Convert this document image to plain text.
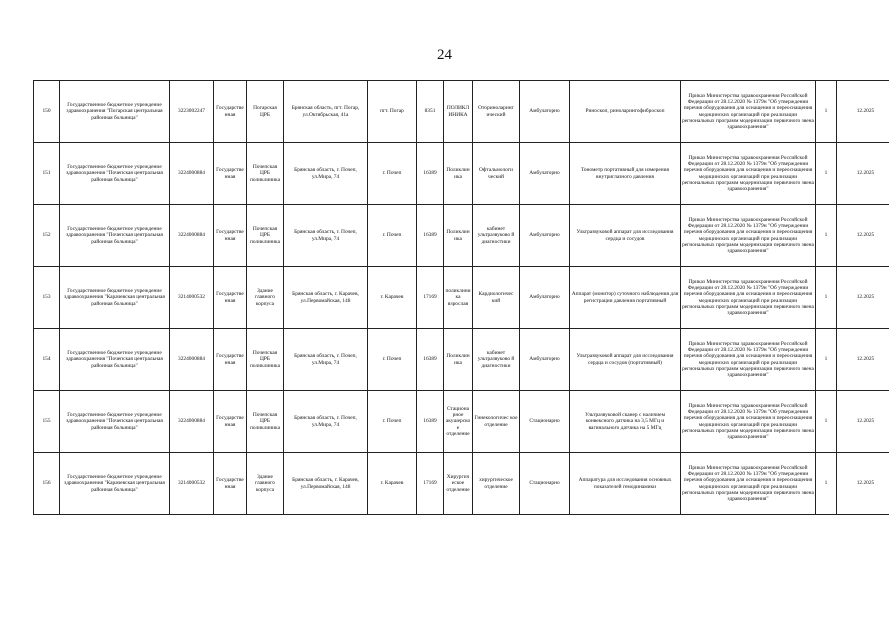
24
150	Государственное бюджетное учреждение здравоохранения "Погарская центральная районная больница"	3223002247	Государстве нная	Погарская ЦРБ	Брянская область, пгт. Погар, ул.Октябрьская, 41а	пгт. Погар	8351	ПОЛИКЛ ИНИКА	Оториноларинг ический	Амбулаторно	Риноскоп, риноларингофиброскоп	Приказ Министерства здравоохранения Российской Федерации от 28.12.2020 № 1379н "Об утверждении перечня оборудования для оснащения и переоснащения медицинских организаций при реализации региональных программ модернизации первичного звена здравоохранения"	1	12.2025
151	Государственное бюджетное учреждение здравоохранения "Почепская центральная районная больница"	3224000884	Государстве нная	Почепская ЦРБ поликлиника	Брянская область, г. Почеп, ул.Мира, 74	г. Почеп	16389	Поликлин ика	Офтальмологи ческий	Амбулаторно	Тонометр портативный для измерения внутриглазного давления	Приказ Министерства здравоохранения Российской Федерации от 28.12.2020 № 1379н "Об утверждении перечня оборудования для оснащения и переоснащения медицинских организаций при реализации региональных программ модернизации первичного звена здравоохранения"	1	12.2025
152	Государственное бюджетное учреждение здравоохранения "Почепская центральная районная больница"	3224000884	Государстве нная	Почепская ЦРБ поликлиника	Брянская область, г. Почеп, ул.Мира, 74	г. Почеп	16389	Поликлин ика	кабинет ультразвуково й диагностики	Амбулаторно	Ультразвуковой аппарат для исследования сердца и сосудов	Приказ Министерства здравоохранения Российской Федерации от 28.12.2020 № 1379н "Об утверждении перечня оборудования для оснащения и переоснащения медицинских организаций при реализации региональных программ модернизации первичного звена здравоохранения"	1	12.2025
153	Государственное бюджетное учреждение здравоохранения "Карачевская центральная районная больница"	3214000532	Государстве нная	Здание главного корпуса	Брянская область, г. Карачев, ул.Первомайская, 148	г. Карачев	17169	поликлини ка взрослая	Кардиологичес кий	Амбулаторно	Аппарат (монитор) суточного наблюдения для регистрации давления портативный	Приказ Министерства здравоохранения Российской Федерации от 28.12.2020 № 1379н "Об утверждении перечня оборудования для оснащения и переоснащения медицинских организаций при реализации региональных программ модернизации первичного звена здравоохранения"	1	12.2025
154	Государственное бюджетное учреждение здравоохранения "Почепская центральная районная больница"	3224000884	Государстве нная	Почепская ЦРБ поликлиника	Брянская область, г. Почеп, ул.Мира, 74	г. Почеп	16389	Поликлин ика	кабинет ультразвуково й диагностики	Амбулаторно	Ультразвуковой аппарат для исследования сердца и сосудов (портативный)	Приказ Министерства здравоохранения Российской Федерации от 28.12.2020 № 1379н "Об утверждении перечня оборудования для оснащения и переоснащения медицинских организаций при реализации региональных программ модернизации первичного звена здравоохранения"	1	12.2025
155	Государственное бюджетное учреждение здравоохранения "Почепская центральная районная больница"	3224000884	Государстве нная	Почепская ЦРБ поликлиника	Брянская область, г. Почеп, ул.Мира, 74	г. Почеп	16389	Стациона рное акушерское отделение	Гинекологичес кое отделение	Стационарно	Ультразвуковой сканер с наличием конвексного датчика на 3,5 МГц и вагинального датчика на 5 МГц	Приказ Министерства здравоохранения Российской Федерации от 28.12.2020 № 1379н "Об утверждении перечня оборудования для оснащения и переоснащения медицинских организаций при реализации региональных программ модернизации первичного звена здравоохранения"	1	12.2025
156	Государственное бюджетное учреждение здравоохранения "Карачевская центральная районная больница"	3214000532	Государстве нная	Здание главного корпуса	Брянская область, г. Карачев, ул.Первомайская, 148	г. Карачев	17169	Хирургич еское отделение	хирургическое отделение	Стационарно	Аппаратура для исследования основных показателей гемодинамики	Приказ Министерства здравоохранения Российской Федерации от 28.12.2020 № 1379н "Об утверждении перечня оборудования для оснащения и переоснащения медицинских организаций при реализации региональных программ модернизации первичного звена здравоохранения"	1	12.2025
